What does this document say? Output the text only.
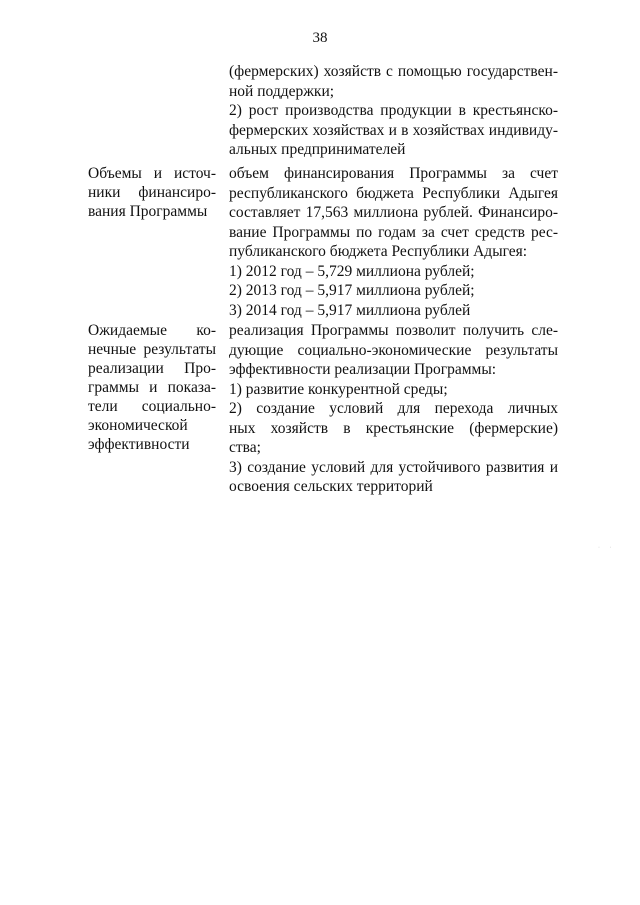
38
(фермерских) хозяйств с помощью государствен-
ной поддержки;
2) рост производства продукции в крестьянско-
фермерских хозяйствах и в хозяйствах индивиду-
альных предпринимателей
Объемы и источ-
ники финансиро-
вания Программы
объем финансирования Программы за счет
республиканского бюджета Республики Адыгея
составляет 17,563 миллиона рублей. Финансиро-
вание Программы по годам за счет средств рес-
публиканского бюджета Республики Адыгея:
1) 2012 год – 5,729 миллиона рублей;
2) 2013 год – 5,917 миллиона рублей;
3) 2014 год – 5,917 миллиона рублей
Ожидаемые ко-
нечные результаты
реализации Про-
граммы и показа-
тели социально-
экономической
эффективности
реализация Программы позволит получить сле-
дующие социально-экономические результаты
эффективности реализации Программы:
1) развитие конкурентной среды;
2) создание условий для перехода личных
ных хозяйств в крестьянские (фермерские)
ства;
3) создание условий для устойчивого развития и
освоения сельских территорий
· ·
